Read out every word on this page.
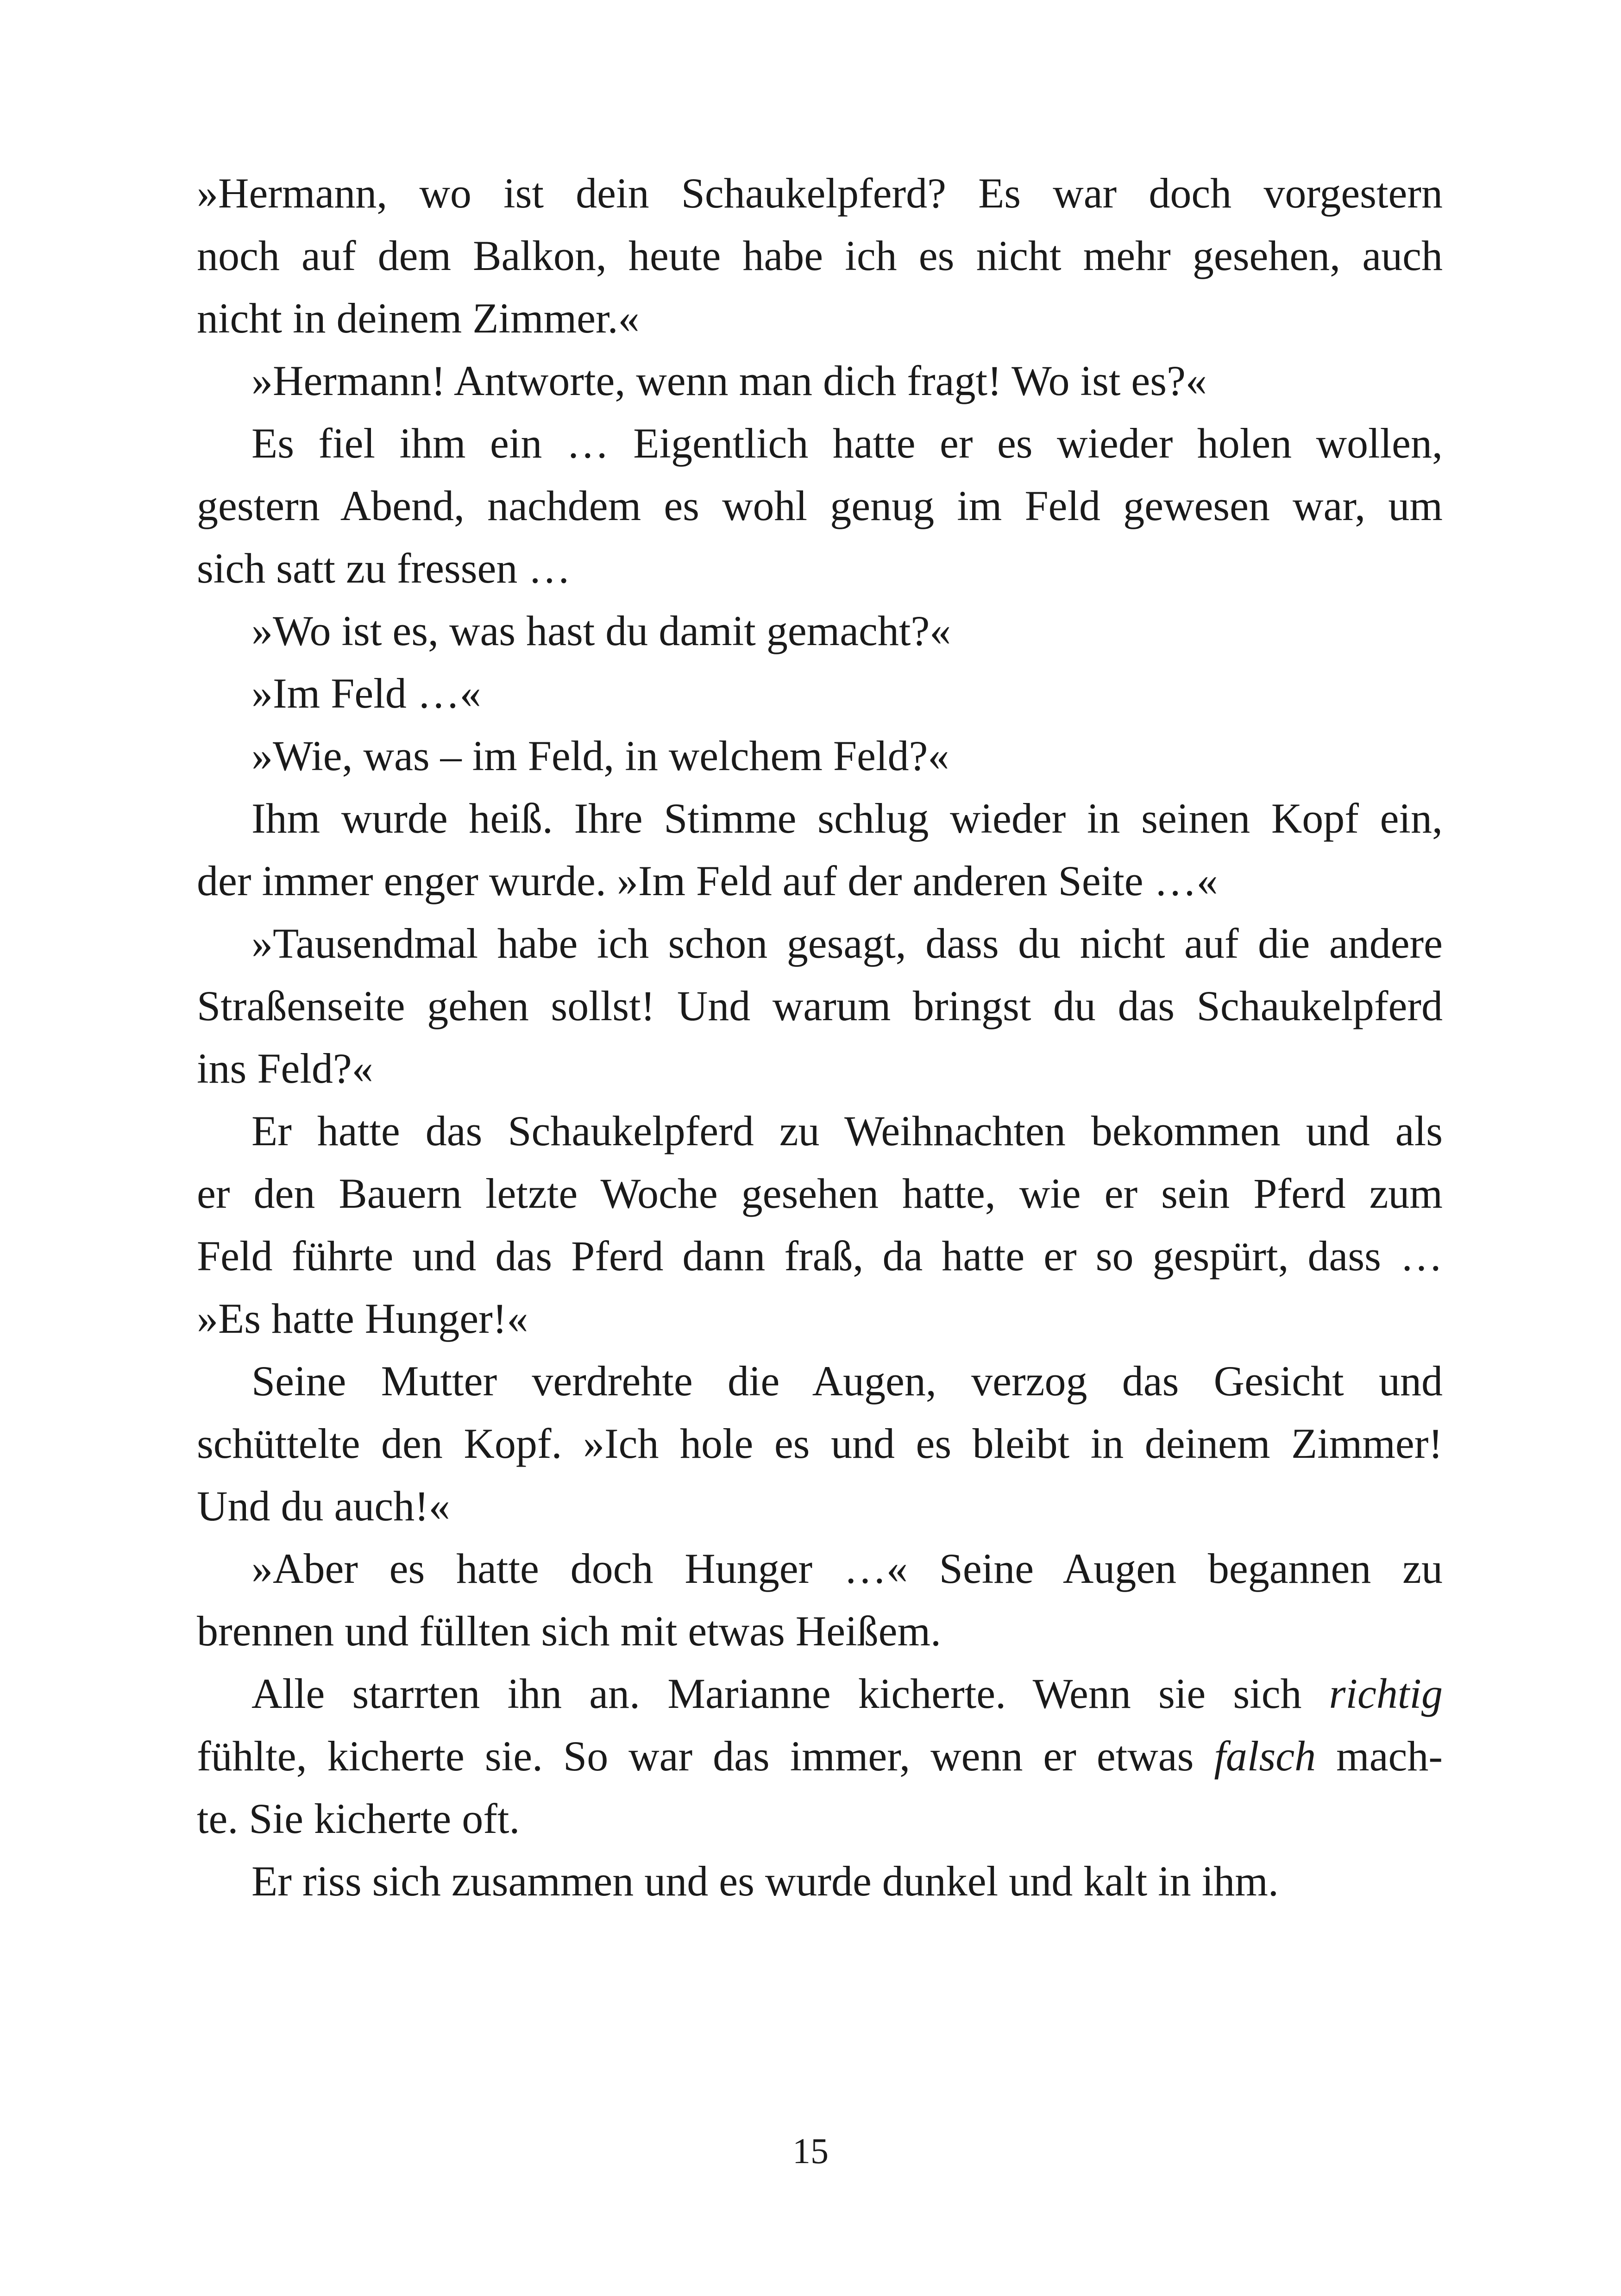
»Hermann, wo ist dein Schaukelpferd? Es war doch vorgestern
noch auf dem Balkon, heute habe ich es nicht mehr gesehen, auch
nicht in deinem Zimmer.«
»Hermann! Antworte, wenn man dich fragt! Wo ist es?«
Es fiel ihm ein … Eigentlich hatte er es wieder holen wollen,
gestern Abend, nachdem es wohl genug im Feld gewesen war, um
sich satt zu fressen …
»Wo ist es, was hast du damit gemacht?«
»Im Feld …«
»Wie, was – im Feld, in welchem Feld?«
Ihm wurde heiß. Ihre Stimme schlug wieder in seinen Kopf ein,
der immer enger wurde. »Im Feld auf der anderen Seite …«
»Tausendmal habe ich schon gesagt, dass du nicht auf die andere
Straßenseite gehen sollst! Und warum bringst du das Schaukelpferd
ins Feld?«
Er hatte das Schaukelpferd zu Weihnachten bekommen und als
er den Bauern letzte Woche gesehen hatte, wie er sein Pferd zum
Feld führte und das Pferd dann fraß, da hatte er so gespürt, dass …
»Es hatte Hunger!«
Seine Mutter verdrehte die Augen, verzog das Gesicht und
schüttelte den Kopf. »Ich hole es und es bleibt in deinem Zimmer!
Und du auch!«
»Aber es hatte doch Hunger …« Seine Augen begannen zu
brennen und füllten sich mit etwas Heißem.
Alle starrten ihn an. Marianne kicherte. Wenn sie sich richtig
fühlte, kicherte sie. So war das immer, wenn er etwas falsch mach-
te. Sie kicherte oft.
Er riss sich zusammen und es wurde dunkel und kalt in ihm.
15
